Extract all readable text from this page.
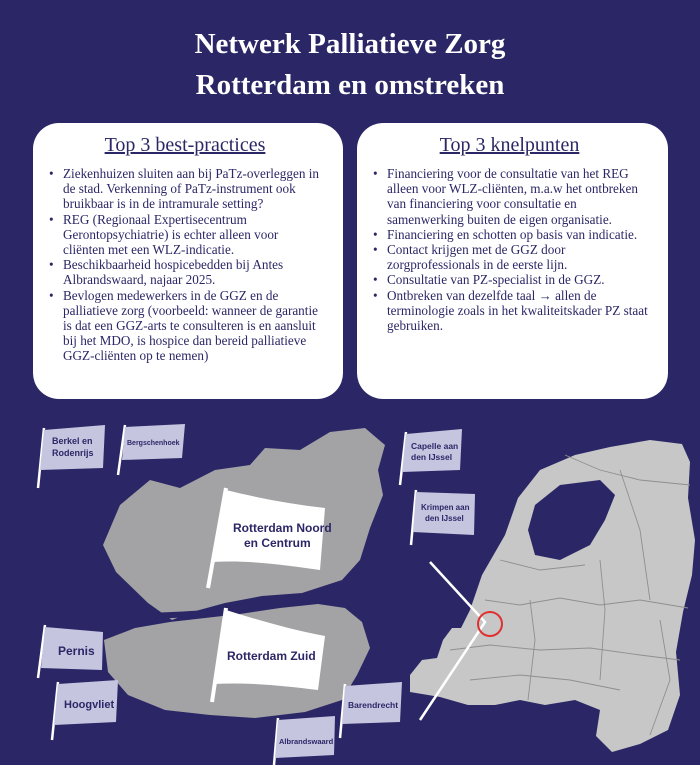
Netwerk Palliatieve Zorg
Rotterdam en omstreken
Top 3 best-practices
• Ziekenhuizen sluiten aan bij PaTz-overleggen in de stad. Verkenning of PaTz-instrument ook bruikbaar is in de intramurale setting?
• REG (Regionaal Expertisecentrum Gerontopsychiatrie) is echter alleen voor cliënten met een WLZ-indicatie.
• Beschikbaarheid hospicebedden bij Antes Albrandswaard, najaar 2025.
• Bevlogen medewerkers in de GGZ en de palliatieve zorg (voorbeeld: wanneer de garantie is dat een GGZ-arts te consulteren is en aansluit bij het MDO, is hospice dan bereid palliatieve GGZ-cliënten op te nemen)
Top 3 knelpunten
• Financiering voor de consultatie van het REG alleen voor WLZ-cliënten, m.a.w het ontbreken van financiering voor consultatie en samenwerking buiten de eigen organisatie.
• Financiering en schotten op basis van indicatie.
• Contact krijgen met de GGZ door zorgprofessionals in de eerste lijn.
• Consultatie van PZ-specialist in de GGZ.
• Ontbreken van dezelfde taal → allen de terminologie zoals in het kwaliteitskader PZ staat gebruiken.
Berkel en Rodenrijs
Bergschenhoek	Capelle aan den IJssel
Krimpen aan den IJssel
Rotterdam Noord en Centrum
Rotterdam Zuid
Pernis
Hoogvliet
Albrandswaard
Barendrecht
